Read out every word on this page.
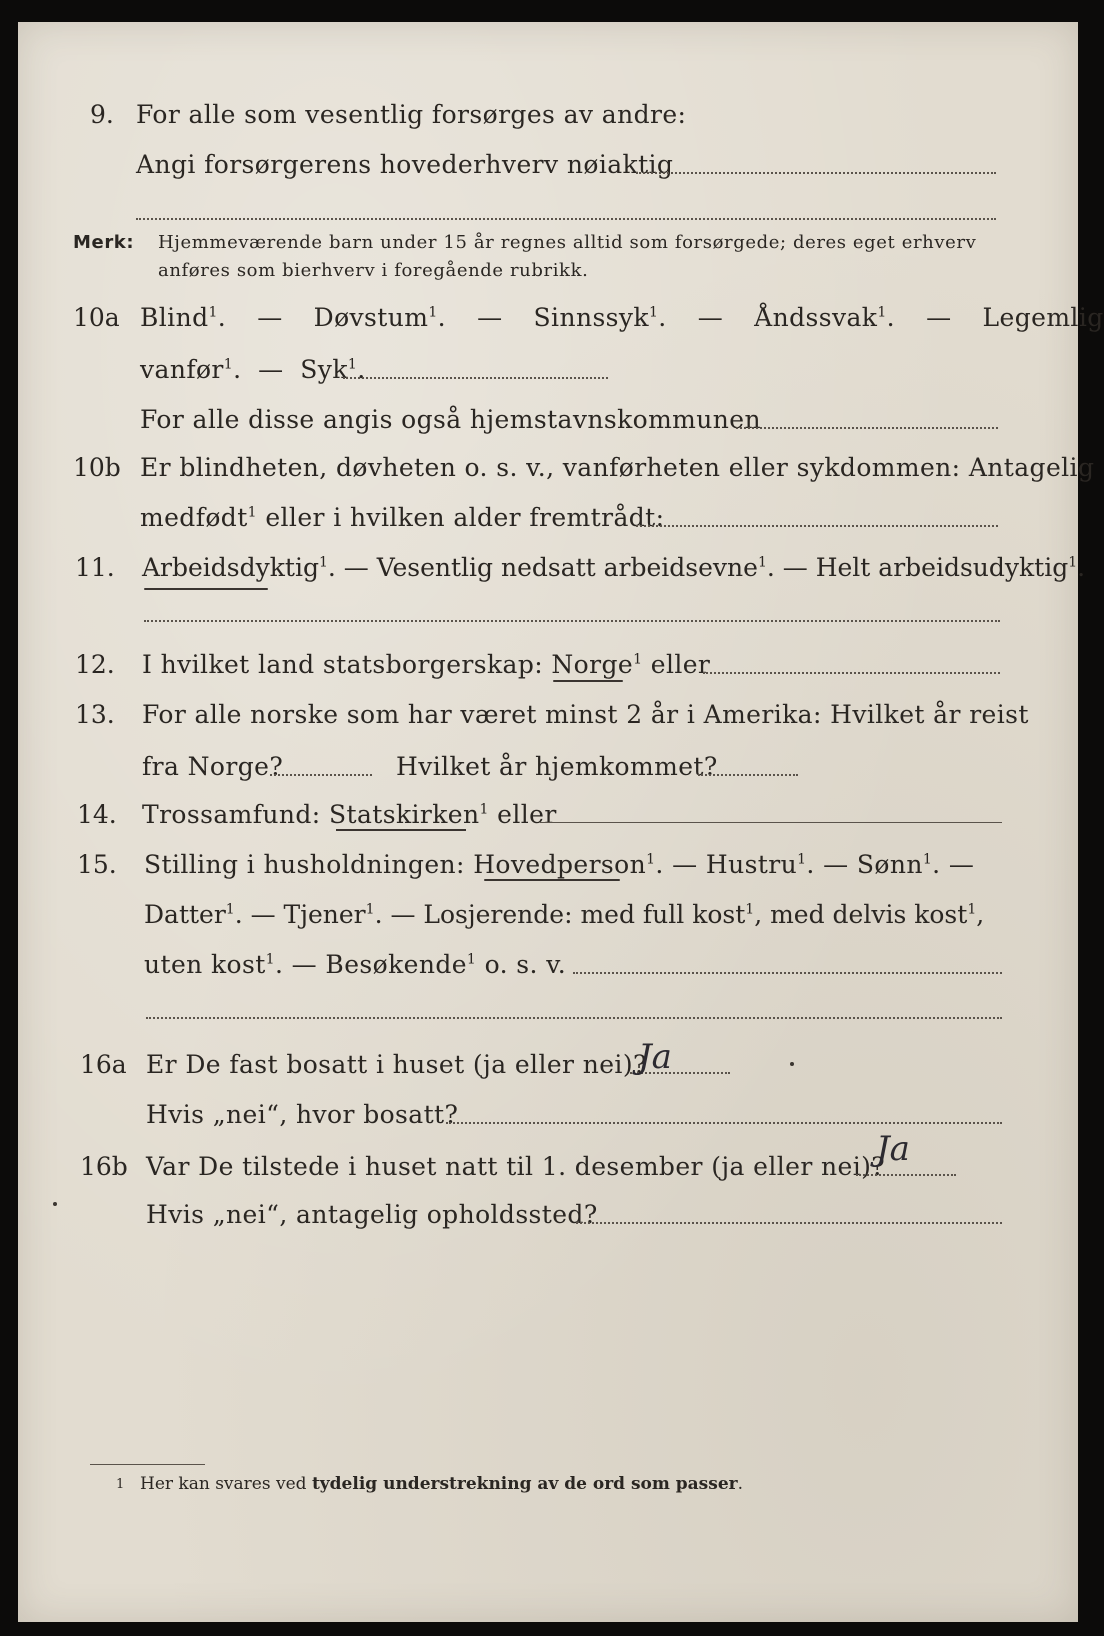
9. For alle som vesentlig forsørges av andre:
Angi forsørgerens hovederhverv nøiaktig
Merk: Hjemmeværende barn under 15 år regnes alltid som forsørgede; deres eget erhverv
anføres som bierhverv i foregående rubrikk.
10a Blind$^1$. — Døvstum$^1$. — Sinnssyk$^1$. — Åndssvak$^1$. — Legemlig
vanfør$^1$. — Syk$^1$.
For alle disse angis også hjemstavnskommunen
10b Er blindheten, døvheten o. s. v., vanførheten eller sykdommen: Antagelig
medfødt$^1$ eller i hvilken alder fremtrådt:
11. Arbeidsdyktig$^1$. — Vesentlig nedsatt arbeidsevne$^1$. — Helt arbeidsudyktig$^1$.
12. I hvilket land statsborgerskap: Norge$^1$ eller
13. For alle norske som har været minst 2 år i Amerika: Hvilket år reist
fra Norge?	Hvilket år hjemkommet?
14. Trossamfund: Statskirken$^1$ eller
15. Stilling i husholdningen: Hovedperson$^1$. — Hustru$^1$. — Sønn$^1$. —
Datter$^1$. — Tjener$^1$. — Losjerende: med full kost$^1$, med delvis kost$^1$,
uten kost$^1$. — Besøkende$^1$ o. s. v.
16a Er De fast bosatt i huset (ja eller nei)?
Ja
Hvis „nei“, hvor bosatt?
16b Var De tilstede i huset natt til 1. desember (ja eller nei)?
Ja
Hvis „nei“, antagelig opholdssted?
1 Her kan svares ved tydelig understrekning av de ord som passer.
